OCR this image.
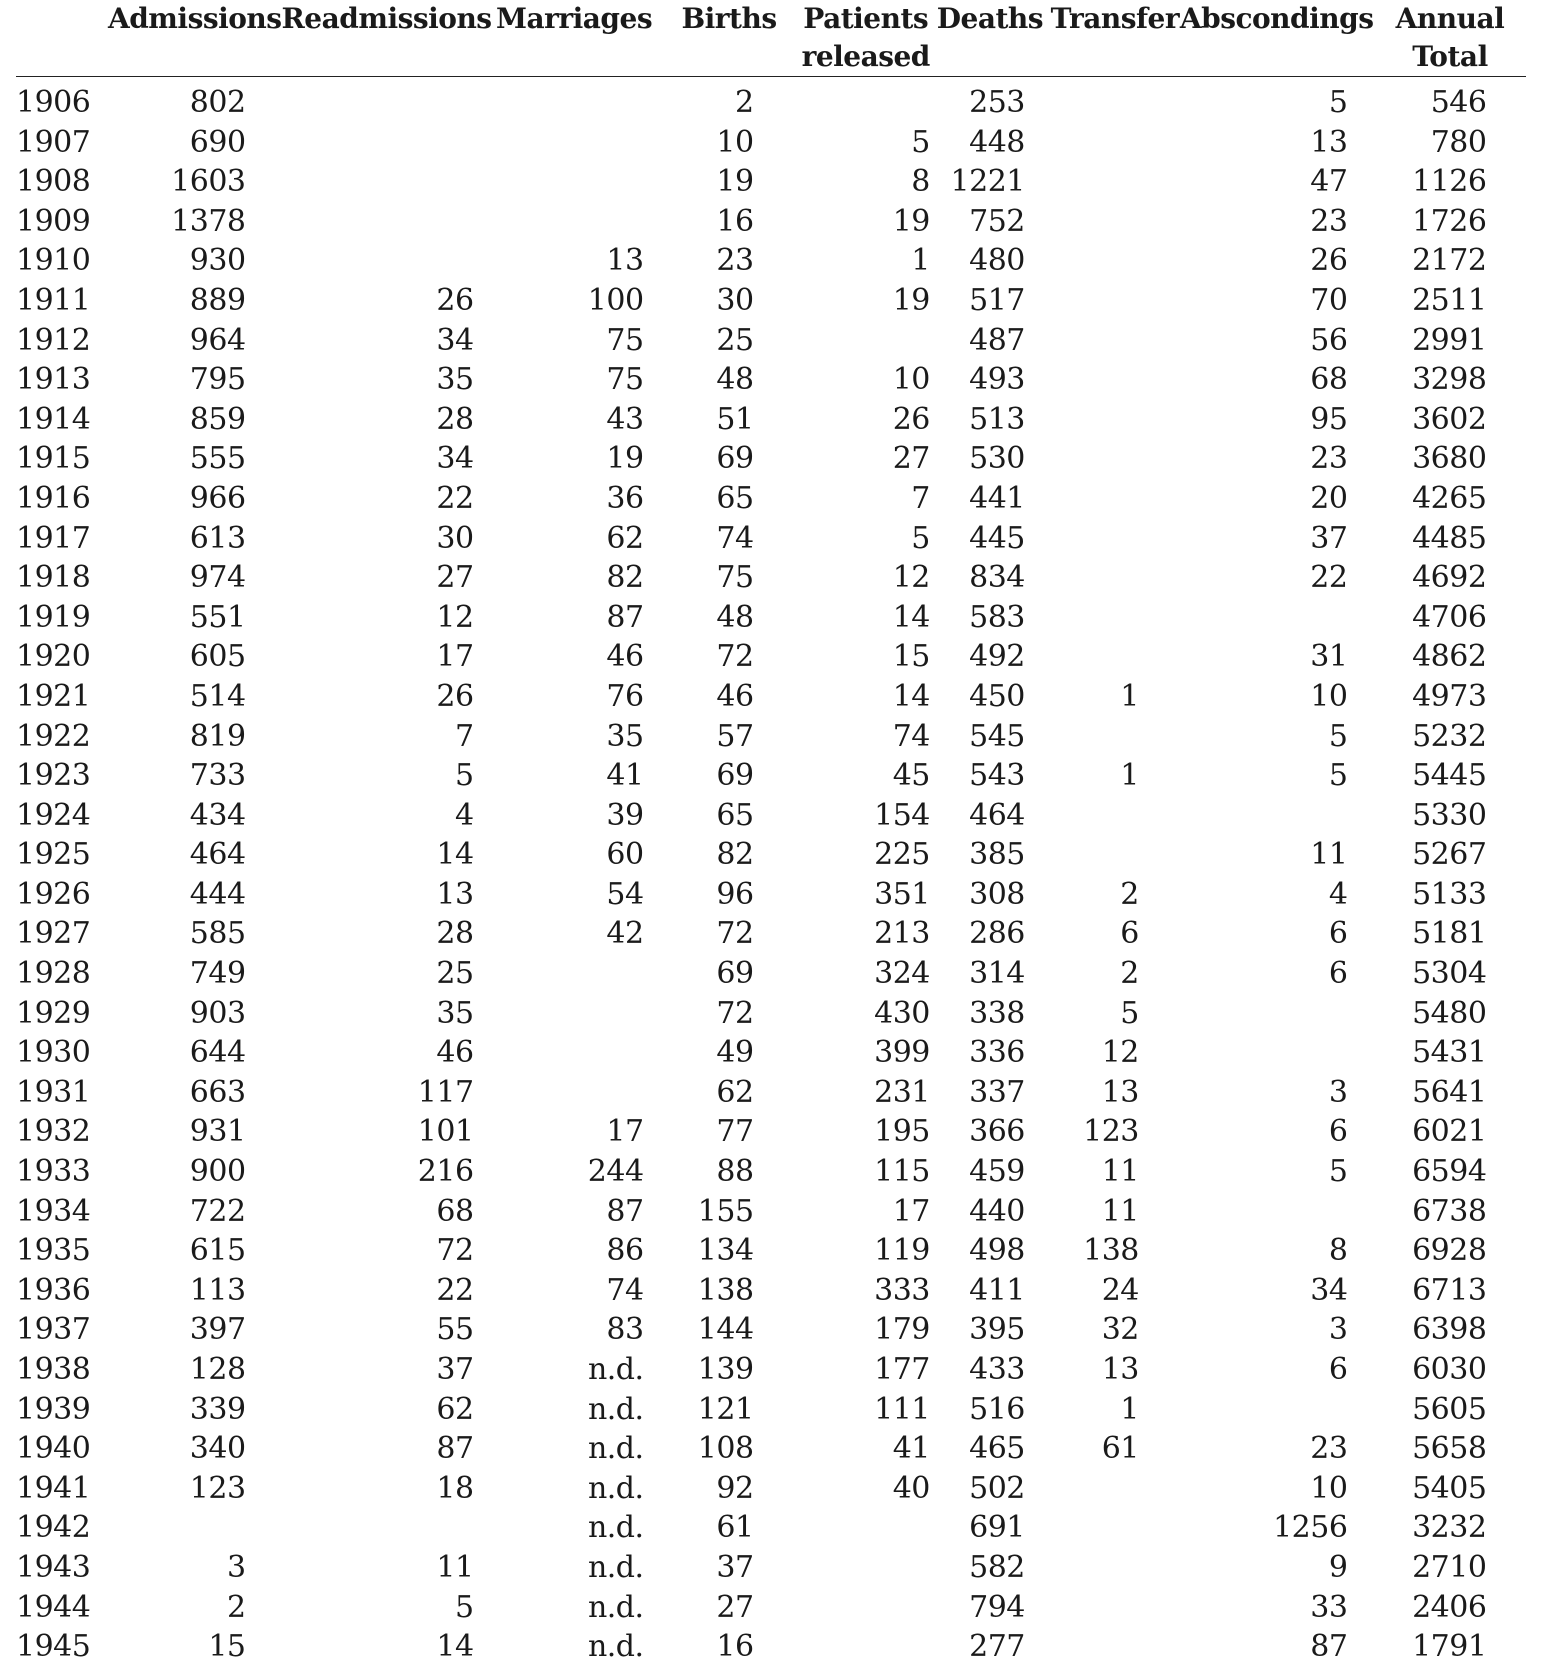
	Admissions	Readmissions	Marriages	Births	Patients
released	Deaths	Transfer	Abscondings	Annual
Total
1906	802			2		253		5	546
1907	690			10	5	448		13	780
1908	1603			19	8	1221		47	1126
1909	1378			16	19	752		23	1726
1910	930		13	23	1	480		26	2172
1911	889	26	100	30	19	517		70	2511
1912	964	34	75	25		487		56	2991
1913	795	35	75	48	10	493		68	3298
1914	859	28	43	51	26	513		95	3602
1915	555	34	19	69	27	530		23	3680
1916	966	22	36	65	7	441		20	4265
1917	613	30	62	74	5	445		37	4485
1918	974	27	82	75	12	834		22	4692
1919	551	12	87	48	14	583			4706
1920	605	17	46	72	15	492		31	4862
1921	514	26	76	46	14	450	1	10	4973
1922	819	7	35	57	74	545		5	5232
1923	733	5	41	69	45	543	1	5	5445
1924	434	4	39	65	154	464			5330
1925	464	14	60	82	225	385		11	5267
1926	444	13	54	96	351	308	2	4	5133
1927	585	28	42	72	213	286	6	6	5181
1928	749	25		69	324	314	2	6	5304
1929	903	35		72	430	338	5		5480
1930	644	46		49	399	336	12		5431
1931	663	117		62	231	337	13	3	5641
1932	931	101	17	77	195	366	123	6	6021
1933	900	216	244	88	115	459	11	5	6594
1934	722	68	87	155	17	440	11		6738
1935	615	72	86	134	119	498	138	8	6928
1936	113	22	74	138	333	411	24	34	6713
1937	397	55	83	144	179	395	32	3	6398
1938	128	37	n.d.	139	177	433	13	6	6030
1939	339	62	n.d.	121	111	516	1		5605
1940	340	87	n.d.	108	41	465	61	23	5658
1941	123	18	n.d.	92	40	502		10	5405
1942			n.d.	61		691		1256	3232
1943	3	11	n.d.	37		582		9	2710
1944	2	5	n.d.	27		794		33	2406
1945	15	14	n.d.	16		277		87	1791
